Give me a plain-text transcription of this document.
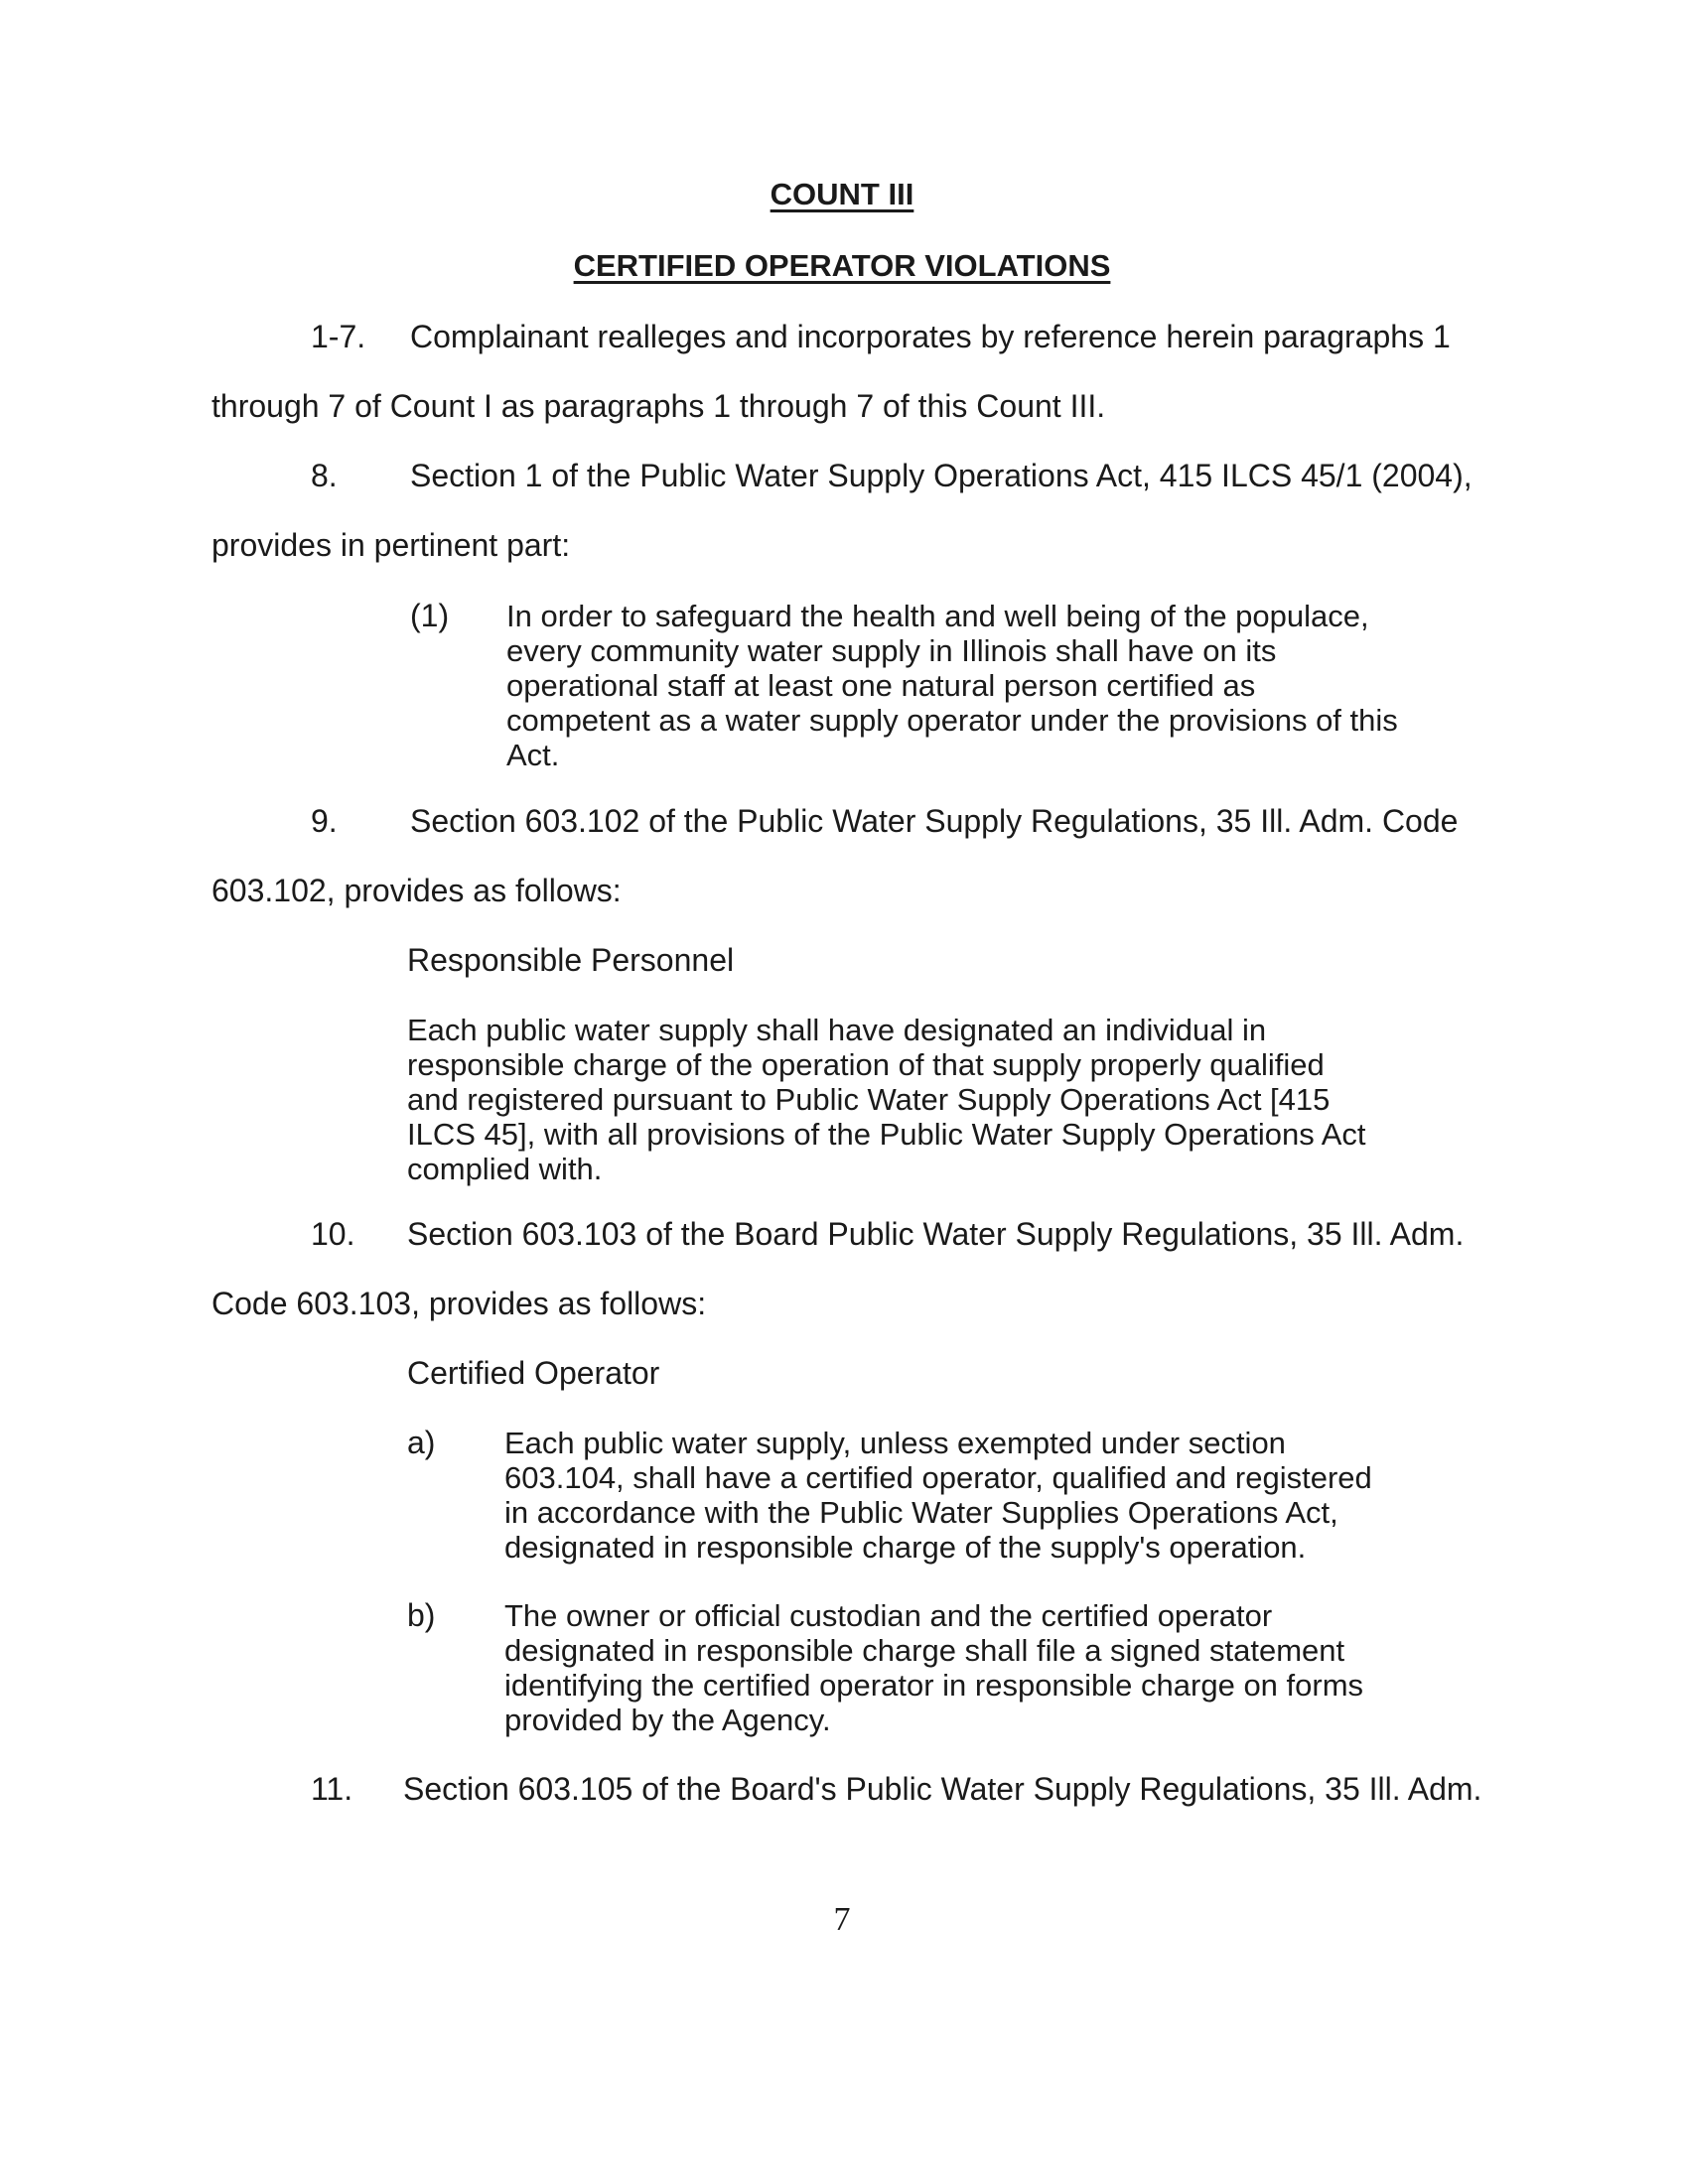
COUNT III

CERTIFIED OPERATOR VIOLATIONS

1-7. Complainant realleges and incorporates by reference herein paragraphs 1

through 7 of Count I as paragraphs 1 through 7 of this Count III.

8. Section 1 of the Public Water Supply Operations Act, 415 ILCS 45/1 (2004),

provides in pertinent part:

(1) In order to safeguard the health and well being of the populace, every community water supply in Illinois shall have on its operational staff at least one natural person certified as competent as a water supply operator under the provisions of this Act.

9. Section 603.102 of the Public Water Supply Regulations, 35 Ill. Adm. Code

603.102, provides as follows:

Responsible Personnel

Each public water supply shall have designated an individual in responsible charge of the operation of that supply properly qualified and registered pursuant to Public Water Supply Operations Act [415 ILCS 45], with all provisions of the Public Water Supply Operations Act complied with.

10. Section 603.103 of the Board Public Water Supply Regulations, 35 Ill. Adm.

Code 603.103, provides as follows:

Certified Operator

a) Each public water supply, unless exempted under section 603.104, shall have a certified operator, qualified and registered in accordance with the Public Water Supplies Operations Act, designated in responsible charge of the supply's operation.

b) The owner or official custodian and the certified operator designated in responsible charge shall file a signed statement identifying the certified operator in responsible charge on forms provided by the Agency.

11. Section 603.105 of the Board's Public Water Supply Regulations, 35 Ill. Adm.

7
